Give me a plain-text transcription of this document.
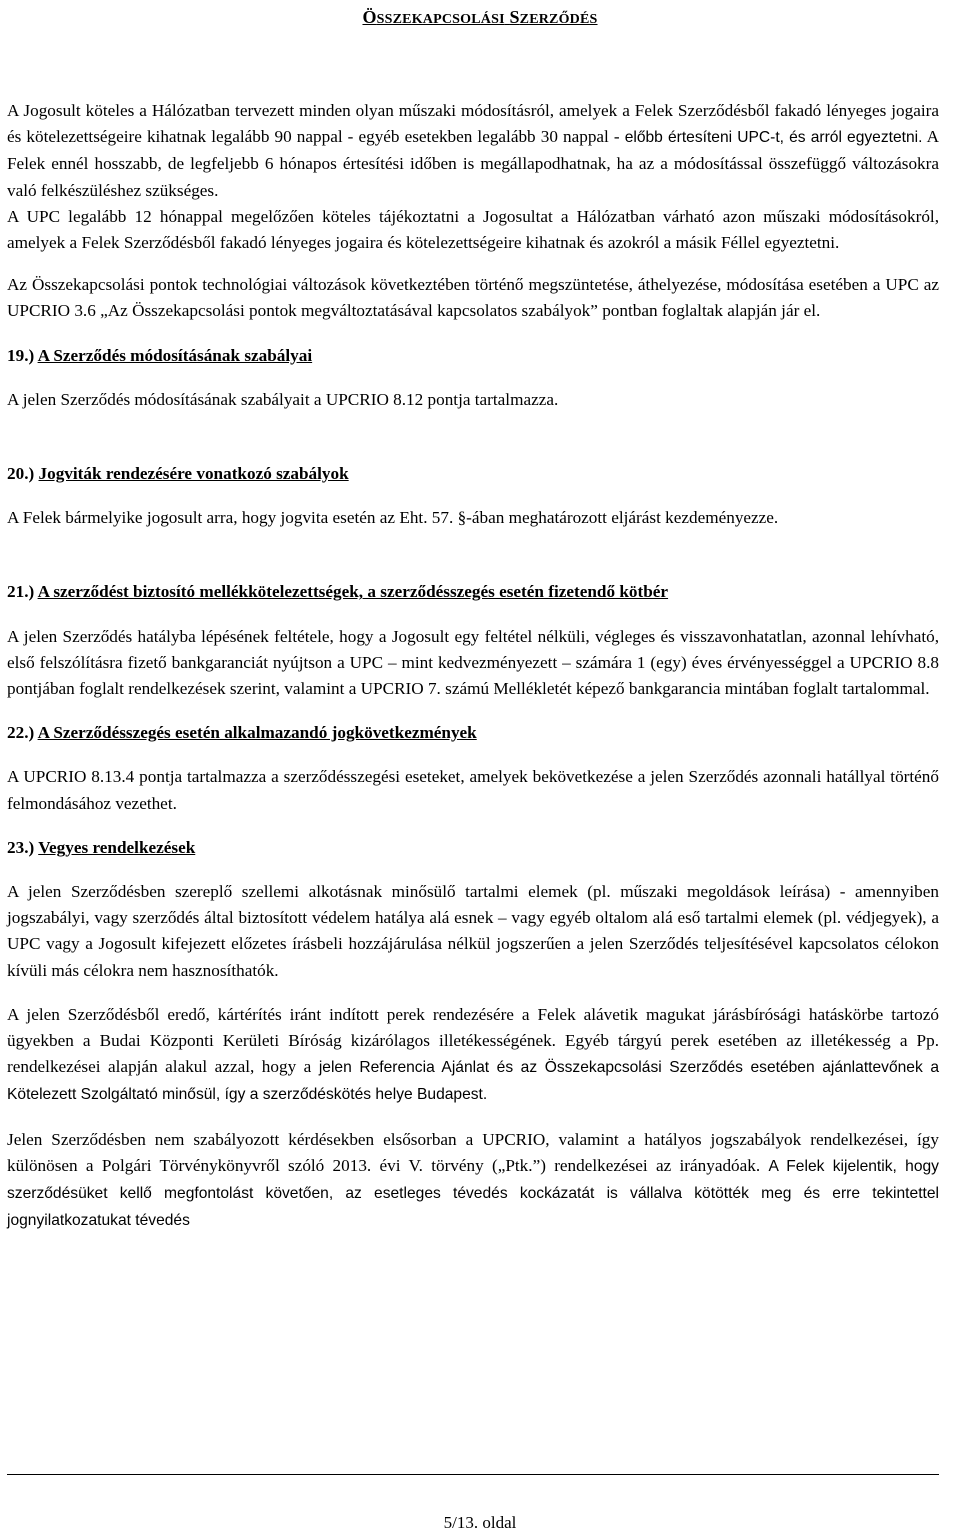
ÖSSZEKAPCSOLÁSI SZERZŐDÉS

A Jogosult köteles a Hálózatban tervezett minden olyan műszaki módosításról, amelyek a Felek Szerződésből fakadó lényeges jogaira és kötelezettségeire kihatnak legalább 90 nappal - egyéb esetekben legalább 30 nappal - előbb értesíteni UPC-t, és arról egyeztetni. A Felek ennél hosszabb, de legfeljebb 6 hónapos értesítési időben is megállapodhatnak, ha az a módosítással összefüggő változásokra való felkészüléshez szükséges.

A UPC legalább 12 hónappal megelőzően köteles tájékoztatni a Jogosultat a Hálózatban várható azon műszaki módosításokról, amelyek a Felek Szerződésből fakadó lényeges jogaira és kötelezettségeire kihatnak és azokról a másik Féllel egyeztetni.

Az Összekapcsolási pontok technológiai változások következtében történő megszüntetése, áthelyezése, módosítása esetében a UPC az UPCRIO 3.6 „Az Összekapcsolási pontok megváltoztatásával kapcsolatos szabályok” pontban foglaltak alapján jár el.

19.) A Szerződés módosításának szabályai

A jelen Szerződés módosításának szabályait a UPCRIO 8.12 pontja tartalmazza.

20.) Jogviták rendezésére vonatkozó szabályok

A Felek bármelyike jogosult arra, hogy jogvita esetén az Eht. 57. §-ában meghatározott eljárást kezdeményezze.

21.) A szerződést biztosító mellékkötelezettségek, a szerződésszegés esetén fizetendő kötbér

A jelen Szerződés hatályba lépésének feltétele, hogy a Jogosult egy feltétel nélküli, végleges és visszavonhatatlan, azonnal lehívható, első felszólításra fizető bankgaranciát nyújtson a UPC – mint kedvezményezett – számára 1 (egy) éves érvényességgel a UPCRIO 8.8 pontjában foglalt rendelkezések szerint, valamint a UPCRIO 7. számú Mellékletét képező bankgarancia mintában foglalt tartalommal.

22.) A Szerződésszegés esetén alkalmazandó jogkövetkezmények

A UPCRIO 8.13.4 pontja tartalmazza a szerződésszegési eseteket, amelyek bekövetkezése a jelen Szerződés azonnali hatállyal történő felmondásához vezethet.

23.) Vegyes rendelkezések

A jelen Szerződésben szereplő szellemi alkotásnak minősülő tartalmi elemek (pl. műszaki megoldások leírása) - amennyiben jogszabályi, vagy szerződés által biztosított védelem hatálya alá esnek – vagy egyéb oltalom alá eső tartalmi elemek (pl. védjegyek), a UPC vagy a Jogosult kifejezett előzetes írásbeli hozzájárulása nélkül jogszerűen a jelen Szerződés teljesítésével kapcsolatos célokon kívüli más célokra nem hasznosíthatók.

A jelen Szerződésből eredő, kártérítés iránt indított perek rendezésére a Felek alávetik magukat járásbírósági hatáskörbe tartozó ügyekben a Budai Központi Kerületi Bíróság kizárólagos illetékességének. Egyéb tárgyú perek esetében az illetékesség a Pp. rendelkezései alapján alakul azzal, hogy a jelen Referencia Ajánlat és az Összekapcsolási Szerződés esetében ajánlattevőnek a Kötelezett Szolgáltató minősül, így a szerződéskötés helye Budapest.

Jelen Szerződésben nem szabályozott kérdésekben elsősorban a UPCRIO, valamint a hatályos jogszabályok rendelkezései, így különösen a Polgári Törvénykönyvről szóló 2013. évi V. törvény („Ptk.”) rendelkezései az irányadóak. A Felek kijelentik, hogy szerződésüket kellő megfontolást követően, az esetleges tévedés kockázatát is vállalva kötötték meg és erre tekintettel jognyilatkozatukat tévedés

5/13. oldal
